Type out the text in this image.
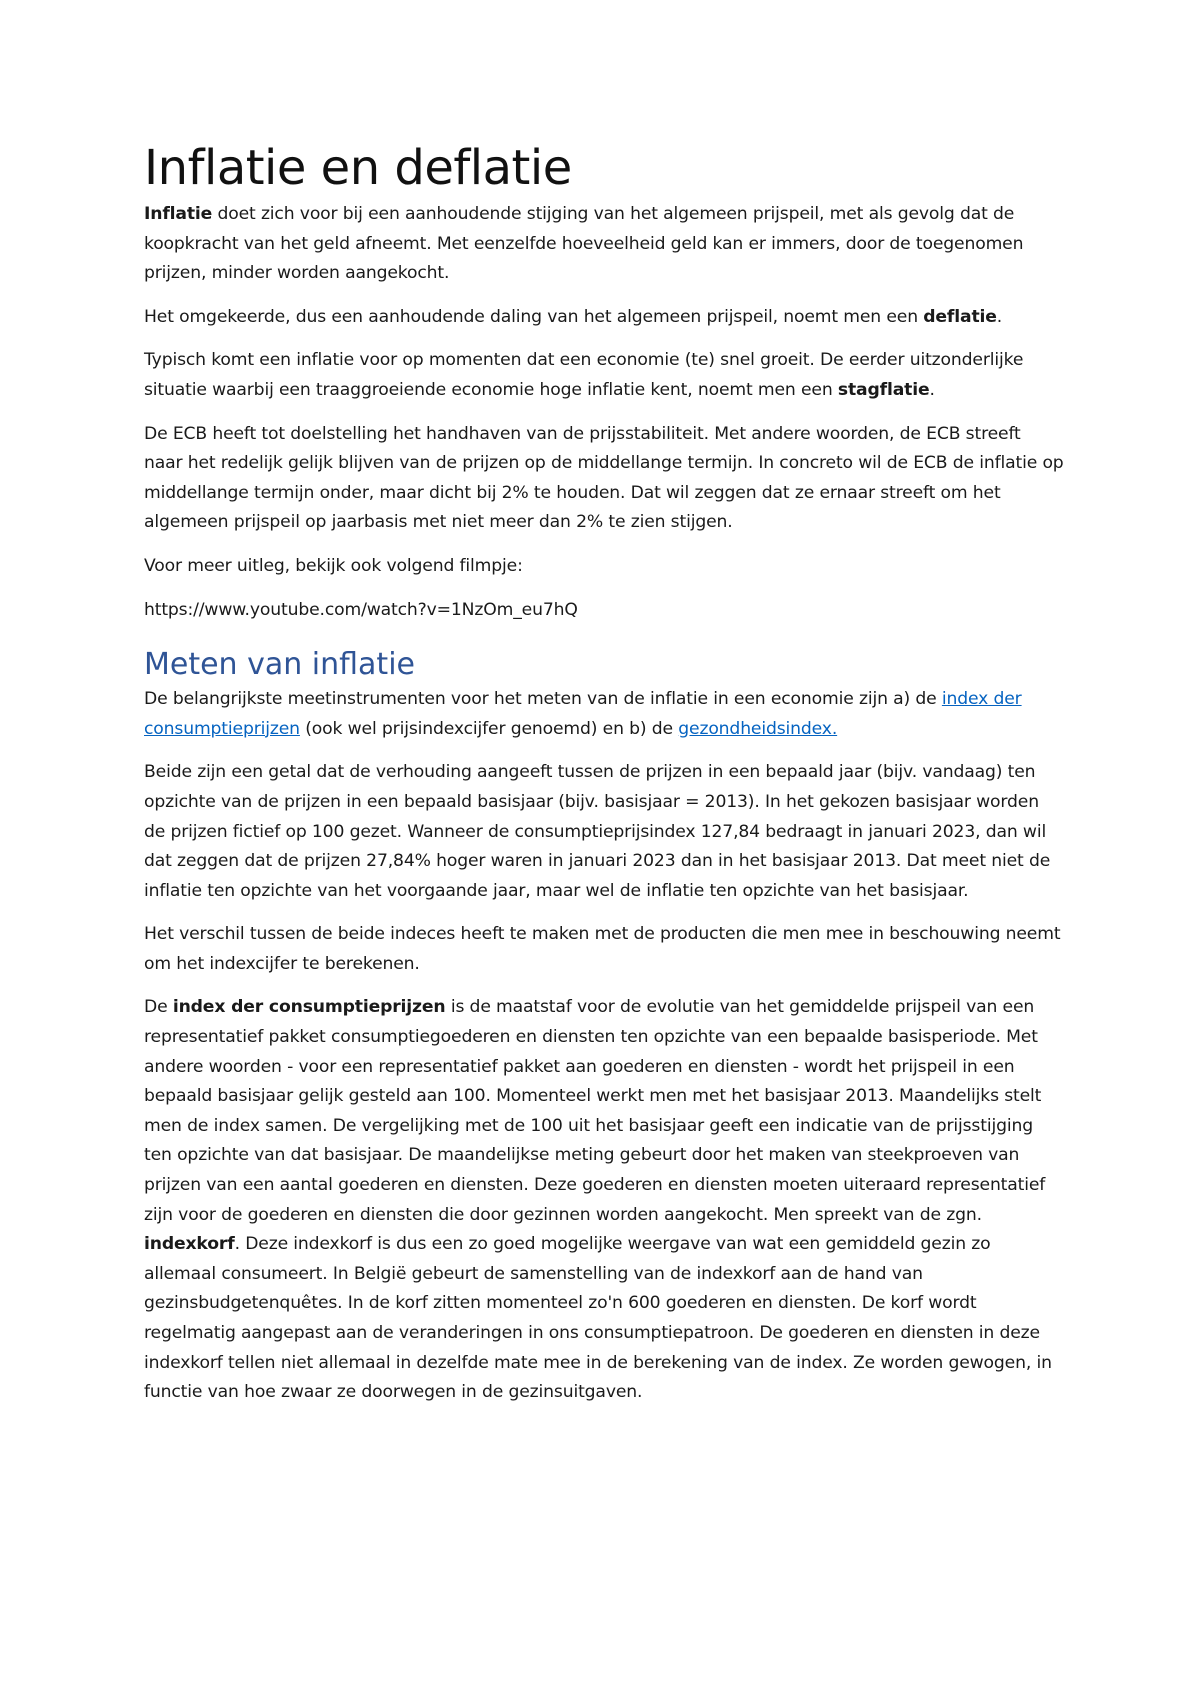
Inflatie en deflatie

Inflatie doet zich voor bij een aanhoudende stijging van het algemeen prijspeil, met als gevolg dat de koopkracht van het geld afneemt. Met eenzelfde hoeveelheid geld kan er immers, door de toegenomen prijzen, minder worden aangekocht.

Het omgekeerde, dus een aanhoudende daling van het algemeen prijspeil, noemt men een deflatie.

Typisch komt een inflatie voor op momenten dat een economie (te) snel groeit. De eerder uitzonderlijke situatie waarbij een traaggroeiende economie hoge inflatie kent, noemt men een stagflatie.

De ECB heeft tot doelstelling het handhaven van de prijsstabiliteit. Met andere woorden, de ECB streeft naar het redelijk gelijk blijven van de prijzen op de middellange termijn. In concreto wil de ECB de inflatie op middellange termijn onder, maar dicht bij 2% te houden. Dat wil zeggen dat ze ernaar streeft om het algemeen prijspeil op jaarbasis met niet meer dan 2% te zien stijgen.

Voor meer uitleg, bekijk ook volgend filmpje:

https://www.youtube.com/watch?v=1NzOm_eu7hQ

Meten van inflatie

De belangrijkste meetinstrumenten voor het meten van de inflatie in een economie zijn a) de index der consumptieprijzen (ook wel prijsindexcijfer genoemd) en b) de gezondheidsindex.

Beide zijn een getal dat de verhouding aangeeft tussen de prijzen in een bepaald jaar (bijv. vandaag) ten opzichte van de prijzen in een bepaald basisjaar (bijv. basisjaar = 2013). In het gekozen basisjaar worden de prijzen fictief op 100 gezet. Wanneer de consumptieprijsindex 127,84 bedraagt in januari 2023, dan wil dat zeggen dat de prijzen 27,84% hoger waren in januari 2023 dan in het basisjaar 2013. Dat meet niet de inflatie ten opzichte van het voorgaande jaar, maar wel de inflatie ten opzichte van het basisjaar.

Het verschil tussen de beide indeces heeft te maken met de producten die men mee in beschouwing neemt om het indexcijfer te berekenen.

De index der consumptieprijzen is de maatstaf voor de evolutie van het gemiddelde prijspeil van een representatief pakket consumptiegoederen en diensten ten opzichte van een bepaalde basisperiode. Met andere woorden - voor een representatief pakket aan goederen en diensten - wordt het prijspeil in een bepaald basisjaar gelijk gesteld aan 100. Momenteel werkt men met het basisjaar 2013. Maandelijks stelt men de index samen. De vergelijking met de 100 uit het basisjaar geeft een indicatie van de prijsstijging ten opzichte van dat basisjaar. De maandelijkse meting gebeurt door het maken van steekproeven van prijzen van een aantal goederen en diensten. Deze goederen en diensten moeten uiteraard representatief zijn voor de goederen en diensten die door gezinnen worden aangekocht. Men spreekt van de zgn. indexkorf. Deze indexkorf is dus een zo goed mogelijke weergave van wat een gemiddeld gezin zo allemaal consumeert. In België gebeurt de samenstelling van de indexkorf aan de hand van gezinsbudgetenquêtes. In de korf zitten momenteel zo'n 600 goederen en diensten. De korf wordt regelmatig aangepast aan de veranderingen in ons consumptiepatroon. De goederen en diensten in deze indexkorf tellen niet allemaal in dezelfde mate mee in de berekening van de index. Ze worden gewogen, in functie van hoe zwaar ze doorwegen in de gezinsuitgaven.
